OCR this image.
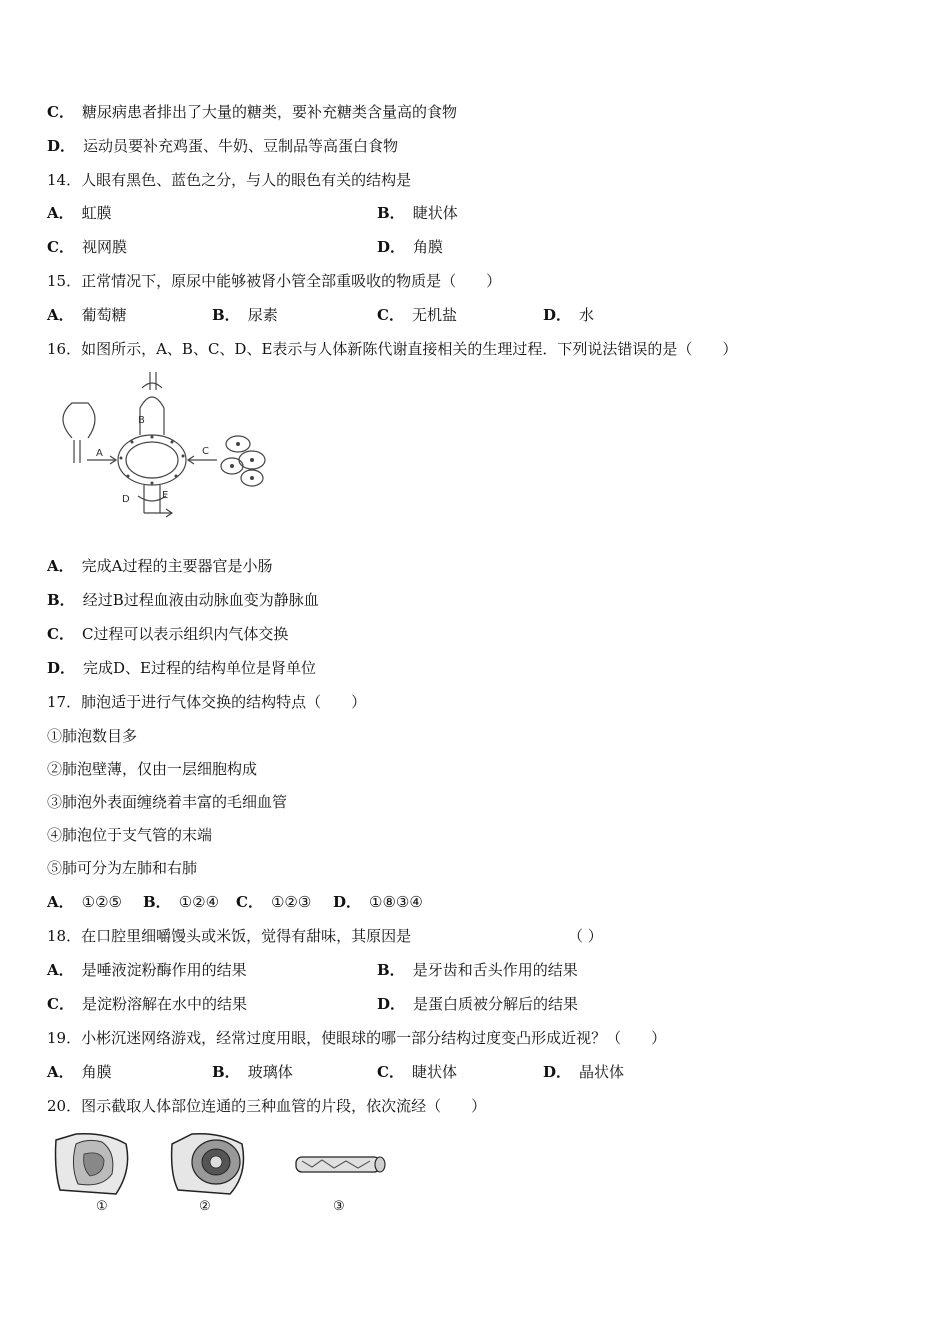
C． 糖尿病患者排出了大量的糖类，要补充糖类含量高的食物
D． 运动员要补充鸡蛋、牛奶、豆制品等高蛋白食物
14．人眼有黑色、蓝色之分，与人的眼色有关的结构是
A． 虹膜	B． 睫状体
C． 视网膜	D． 角膜
15．正常情况下，原尿中能够被肾小管全部重吸收的物质是（　　）
A． 葡萄糖	B． 尿素	C． 无机盐	D． 水
16．如图所示，A、B、C、D、E表示与人体新陈代谢直接相关的生理过程．下列说法错误的是（　　）
A
B
C
D	E
A． 完成A过程的主要器官是小肠
B． 经过B过程血液由动脉血变为静脉血
C． C过程可以表示组织内气体交换
D． 完成D、E过程的结构单位是肾单位
17．肺泡适于进行气体交换的结构特点（　　）
①肺泡数目多
②肺泡壁薄，仅由一层细胞构成
③肺泡外表面缠绕着丰富的毛细血管
④肺泡位于支气管的末端
⑤肺可分为左肺和右肺
A． ①②⑤ B． ①②④ C． ①②③ D． ①⑧③④
18．在口腔里细嚼馒头或米饭，觉得有甜味，其原因是	（ ）
A． 是唾液淀粉酶作用的结果	B． 是牙齿和舌头作用的结果
C． 是淀粉溶解在水中的结果	D． 是蛋白质被分解后的结果
19．小彬沉迷网络游戏，经常过度用眼，使眼球的哪一部分结构过度变凸形成近视？（　　）
A． 角膜	B． 玻璃体	C． 睫状体	D． 晶状体
20．图示截取人体部位连通的三种血管的片段，依次流经（　　）
①	②	③
